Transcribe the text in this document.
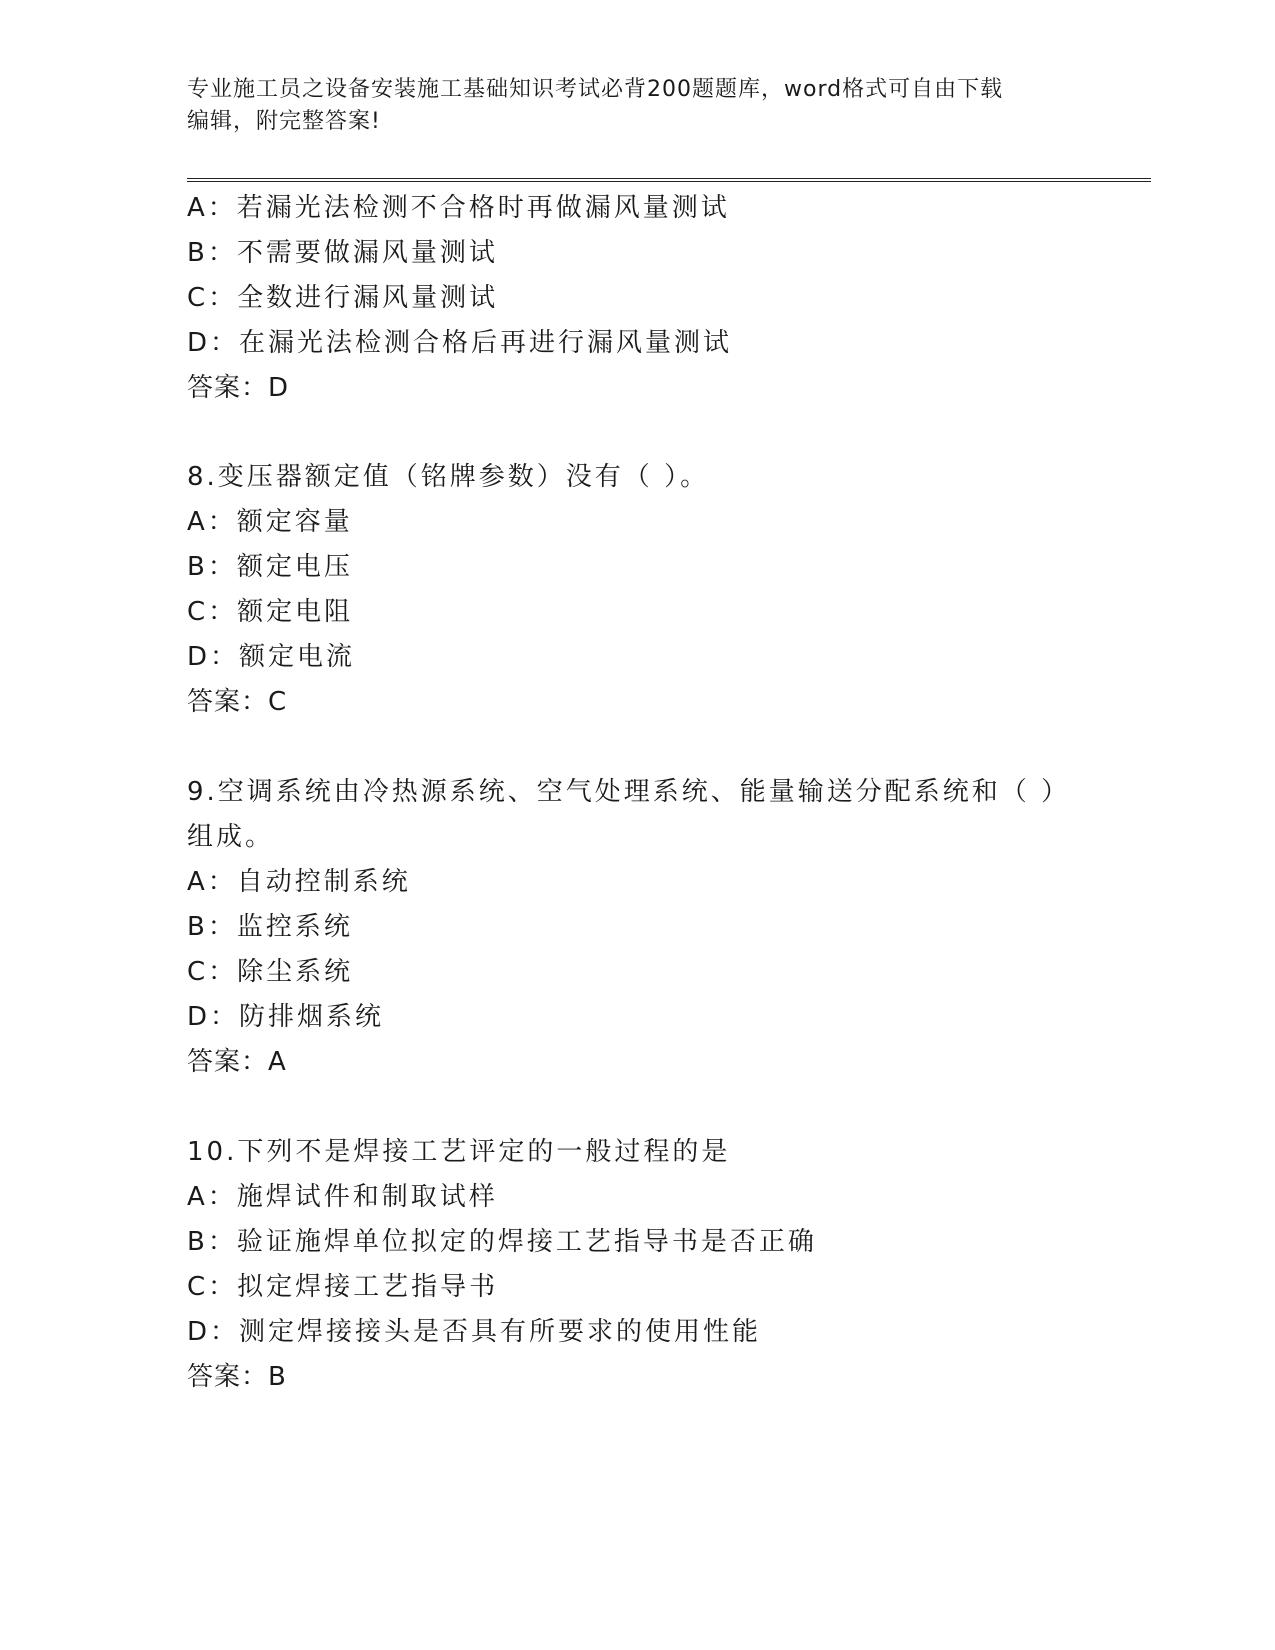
专业施工员之设备安装施工基础知识考试必背200题题库，word格式可自由下载
编辑，附完整答案!
A：若漏光法检测不合格时再做漏风量测试
B：不需要做漏风量测试
C：全数进行漏风量测试
D：在漏光法检测合格后再进行漏风量测试
答案：D
8.变压器额定值（铭牌参数）没有（ ）。
A：额定容量
B：额定电压
C：额定电阻
D：额定电流
答案：C
9.空调系统由冷热源系统、空气处理系统、能量输送分配系统和（ ）
组成。
A：自动控制系统
B：监控系统
C：除尘系统
D：防排烟系统
答案：A
10.下列不是焊接工艺评定的一般过程的是
A：施焊试件和制取试样
B：验证施焊单位拟定的焊接工艺指导书是否正确
C：拟定焊接工艺指导书
D：测定焊接接头是否具有所要求的使用性能
答案：B
